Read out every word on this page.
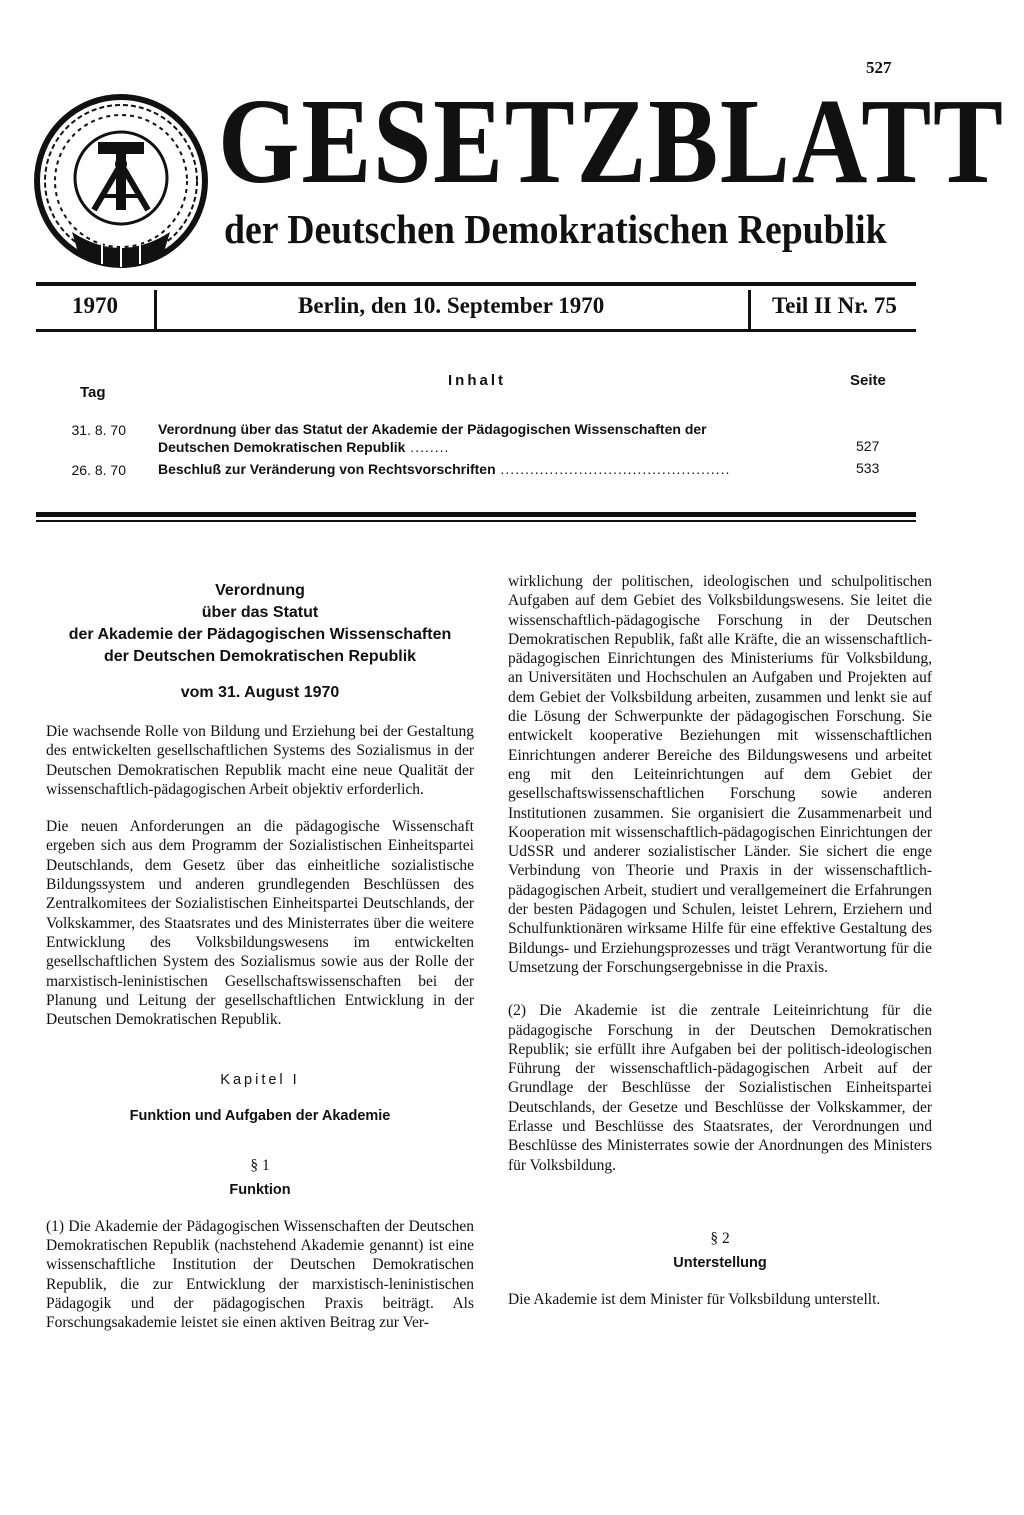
527
GESETZBLATT
der Deutschen Demokratischen Republik
1970	Berlin, den 10. September 1970	Teil II Nr. 75
Tag
Inhalt	Seite
31. 8. 70 Verordnung über das Statut der Akademie der Pädagogischen Wissenschaften der
Deutschen Demokratischen Republik ........	527
26. 8. 70 Beschluß zur Veränderung von Rechtsvorschriften ...............................................	533
Verordnung
über das Statut
der Akademie der Pädagogischen Wissenschaften
der Deutschen Demokratischen Republik
vom 31. August 1970

Die wachsende Rolle von Bildung und Erziehung bei der Gestaltung des entwickelten gesellschaftlichen Systems des Sozialismus in der Deutschen Demokratischen Republik macht eine neue Qualität der wissenschaftlich-pädagogischen Arbeit objektiv erforderlich.

Die neuen Anforderungen an die pädagogische Wissenschaft ergeben sich aus dem Programm der Sozialistischen Einheitspartei Deutschlands, dem Gesetz über das einheitliche sozialistische Bildungssystem und anderen grundlegenden Beschlüssen des Zentralkomitees der Sozialistischen Einheitspartei Deutschlands, der Volkskammer, des Staatsrates und des Ministerrates über die weitere Entwicklung des Volksbildungswesens im entwickelten gesellschaftlichen System des Sozialismus sowie aus der Rolle der marxistisch-leninistischen Gesellschaftswissenschaften bei der Planung und Leitung der gesellschaftlichen Entwicklung in der Deutschen Demokratischen Republik.

Kapitel I
Funktion und Aufgaben der Akademie
§ 1
Funktion

(1) Die Akademie der Pädagogischen Wissenschaften der Deutschen Demokratischen Republik (nachstehend Akademie genannt) ist eine wissenschaftliche Institution der Deutschen Demokratischen Republik, die zur Entwicklung der marxistisch-leninistischen Pädagogik und der pädagogischen Praxis beiträgt. Als Forschungsakademie leistet sie einen aktiven Beitrag zur Ver-

wirklichung der politischen, ideologischen und schulpolitischen Aufgaben auf dem Gebiet des Volksbildungswesens. Sie leitet die wissenschaftlich-pädagogische Forschung in der Deutschen Demokratischen Republik, faßt alle Kräfte, die an wissenschaftlich-pädagogischen Einrichtungen des Ministeriums für Volksbildung, an Universitäten und Hochschulen an Aufgaben und Projekten auf dem Gebiet der Volksbildung arbeiten, zusammen und lenkt sie auf die Lösung der Schwerpunkte der pädagogischen Forschung. Sie entwickelt kooperative Beziehungen mit wissenschaftlichen Einrichtungen anderer Bereiche des Bildungswesens und arbeitet eng mit den Leiteinrichtungen auf dem Gebiet der gesellschaftswissenschaftlichen Forschung sowie anderen Institutionen zusammen. Sie organisiert die Zusammenarbeit und Kooperation mit wissenschaftlich-pädagogischen Einrichtungen der UdSSR und anderer sozialistischer Länder. Sie sichert die enge Verbindung von Theorie und Praxis in der wissenschaftlich-pädagogischen Arbeit, studiert und verallgemeinert die Erfahrungen der besten Pädagogen und Schulen, leistet Lehrern, Erziehern und Schulfunktionären wirksame Hilfe für eine effektive Gestaltung des Bildungs- und Erziehungsprozesses und trägt Verantwortung für die Umsetzung der Forschungsergebnisse in die Praxis.

(2) Die Akademie ist die zentrale Leiteinrichtung für die pädagogische Forschung in der Deutschen Demokratischen Republik; sie erfüllt ihre Aufgaben bei der politisch-ideologischen Führung der wissenschaftlich-pädagogischen Arbeit auf der Grundlage der Beschlüsse der Sozialistischen Einheitspartei Deutschlands, der Gesetze und Beschlüsse der Volkskammer, der Erlasse und Beschlüsse des Staatsrates, der Verordnungen und Beschlüsse des Ministerrates sowie der Anordnungen des Ministers für Volksbildung.

§ 2
Unterstellung

Die Akademie ist dem Minister für Volksbildung unterstellt.
